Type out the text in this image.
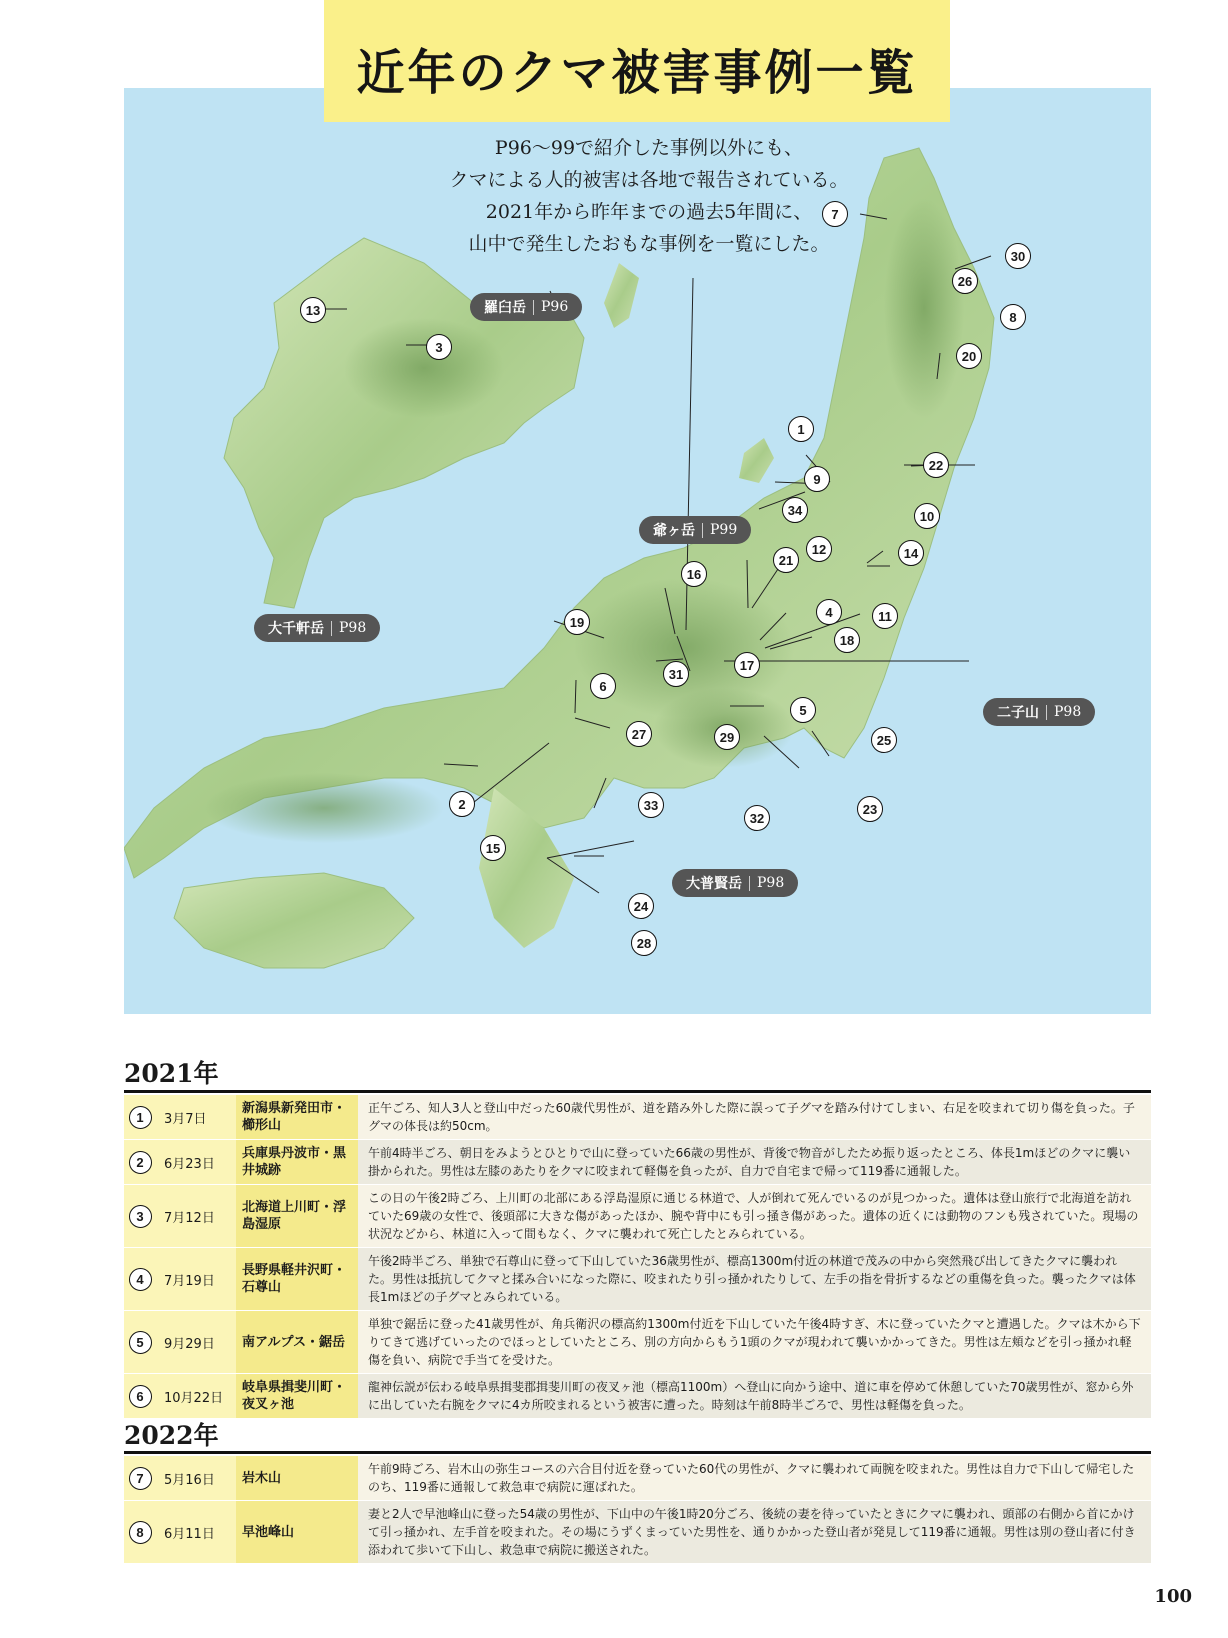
近年のクマ被害事例一覧
P96〜99で紹介した事例以外にも、
クマによる人的被害は各地で報告されている。
2021年から昨年までの過去5年間に、
山中で発生したおもな事例を一覧にした。
7
30
26
8
20
13
3
1
9
22
34	10
21
12	14
16
19
4	11
18
31
17
6
5
27	29	25
2	33	23
32
15
24
28
羅臼岳 P96
爺ヶ岳 P99
大千軒岳 P98
二子山 P98
大普賢岳 P98
2021年
1	3月7日	新潟県新発田市・櫛形山	正午ごろ、知人3人と登山中だった60歳代男性が、道を踏み外した際に誤って子グマを踏み付けてしまい、右足を咬まれて切り傷を負った。子グマの体長は約50cm。
2	6月23日	兵庫県丹波市・黒井城跡	午前4時半ごろ、朝日をみようとひとりで山に登っていた66歳の男性が、背後で物音がしたため振り返ったところ、体長1mほどのクマに襲い掛かられた。男性は左膝のあたりをクマに咬まれて軽傷を負ったが、自力で自宅まで帰って119番に通報した。
3	7月12日	北海道上川町・浮島湿原	この日の午後2時ごろ、上川町の北部にある浮島湿原に通じる林道で、人が倒れて死んでいるのが見つかった。遺体は登山旅行で北海道を訪れていた69歳の女性で、後頭部に大きな傷があったほか、腕や背中にも引っ掻き傷があった。遺体の近くには動物のフンも残されていた。現場の状況などから、林道に入って間もなく、クマに襲われて死亡したとみられている。
4	7月19日	長野県軽井沢町・石尊山	午後2時半ごろ、単独で石尊山に登って下山していた36歳男性が、標高1300m付近の林道で茂みの中から突然飛び出してきたクマに襲われた。男性は抵抗してクマと揉み合いになった際に、咬まれたり引っ掻かれたりして、左手の指を骨折するなどの重傷を負った。襲ったクマは体長1mほどの子グマとみられている。
5	9月29日	南アルプス・鋸岳	単独で鋸岳に登った41歳男性が、角兵衛沢の標高約1300m付近を下山していた午後4時すぎ、木に登っていたクマと遭遇した。クマは木から下りてきて逃げていったのでほっとしていたところ、別の方向からもう1頭のクマが現われて襲いかかってきた。男性は左頬などを引っ掻かれ軽傷を負い、病院で手当てを受けた。
6	10月22日	岐阜県揖斐川町・夜叉ヶ池	龍神伝説が伝わる岐阜県揖斐郡揖斐川町の夜叉ヶ池（標高1100m）へ登山に向かう途中、道に車を停めて休憩していた70歳男性が、窓から外に出していた右腕をクマに4カ所咬まれるという被害に遭った。時刻は午前8時半ごろで、男性は軽傷を負った。
2022年
7	5月16日	岩木山	午前9時ごろ、岩木山の弥生コースの六合目付近を登っていた60代の男性が、クマに襲われて両腕を咬まれた。男性は自力で下山して帰宅したのち、119番に通報して救急車で病院に運ばれた。
8	6月11日	早池峰山	妻と2人で早池峰山に登った54歳の男性が、下山中の午後1時20分ごろ、後続の妻を待っていたときにクマに襲われ、頭部の右側から首にかけて引っ掻かれ、左手首を咬まれた。その場にうずくまっていた男性を、通りかかった登山者が発見して119番に通報。男性は別の登山者に付き添われて歩いて下山し、救急車で病院に搬送された。
100
